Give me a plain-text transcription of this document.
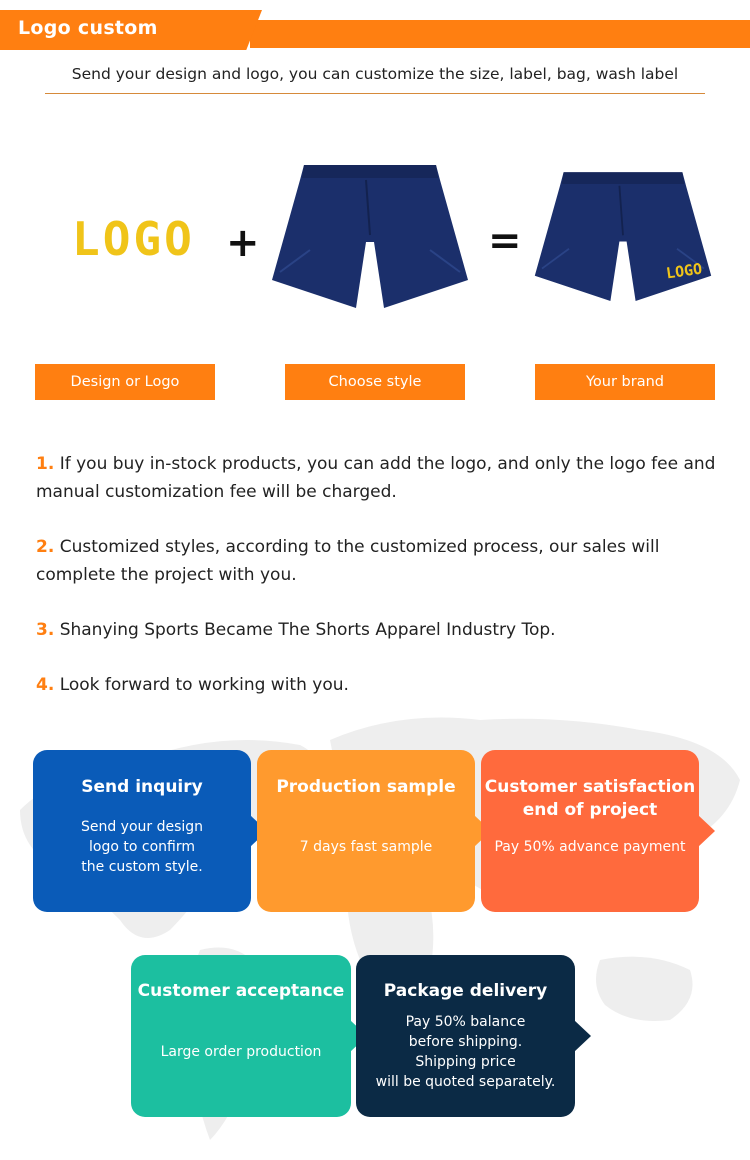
Logo custom
Send your design and logo, you can customize the size, label, bag, wash label
LOGO +	=
LOGO
Design or Logo	Choose style	Your brand
1. If you buy in-stock products, you can add the logo, and only the logo fee and manual customization fee will be charged.
2. Customized styles, according to the customized process, our sales will complete the project with you.
3. Shanying Sports Became The Shorts Apparel Industry Top.
4. Look forward to working with you.
Send inquiry
Send your design
logo to confirm
the custom style.
Production sample
7 days fast sample
Customer satisfaction
end of project
Pay 50% advance payment
Customer acceptance
Large order production
Package delivery
Pay 50% balance
before shipping.
Shipping price
will be quoted separately.
